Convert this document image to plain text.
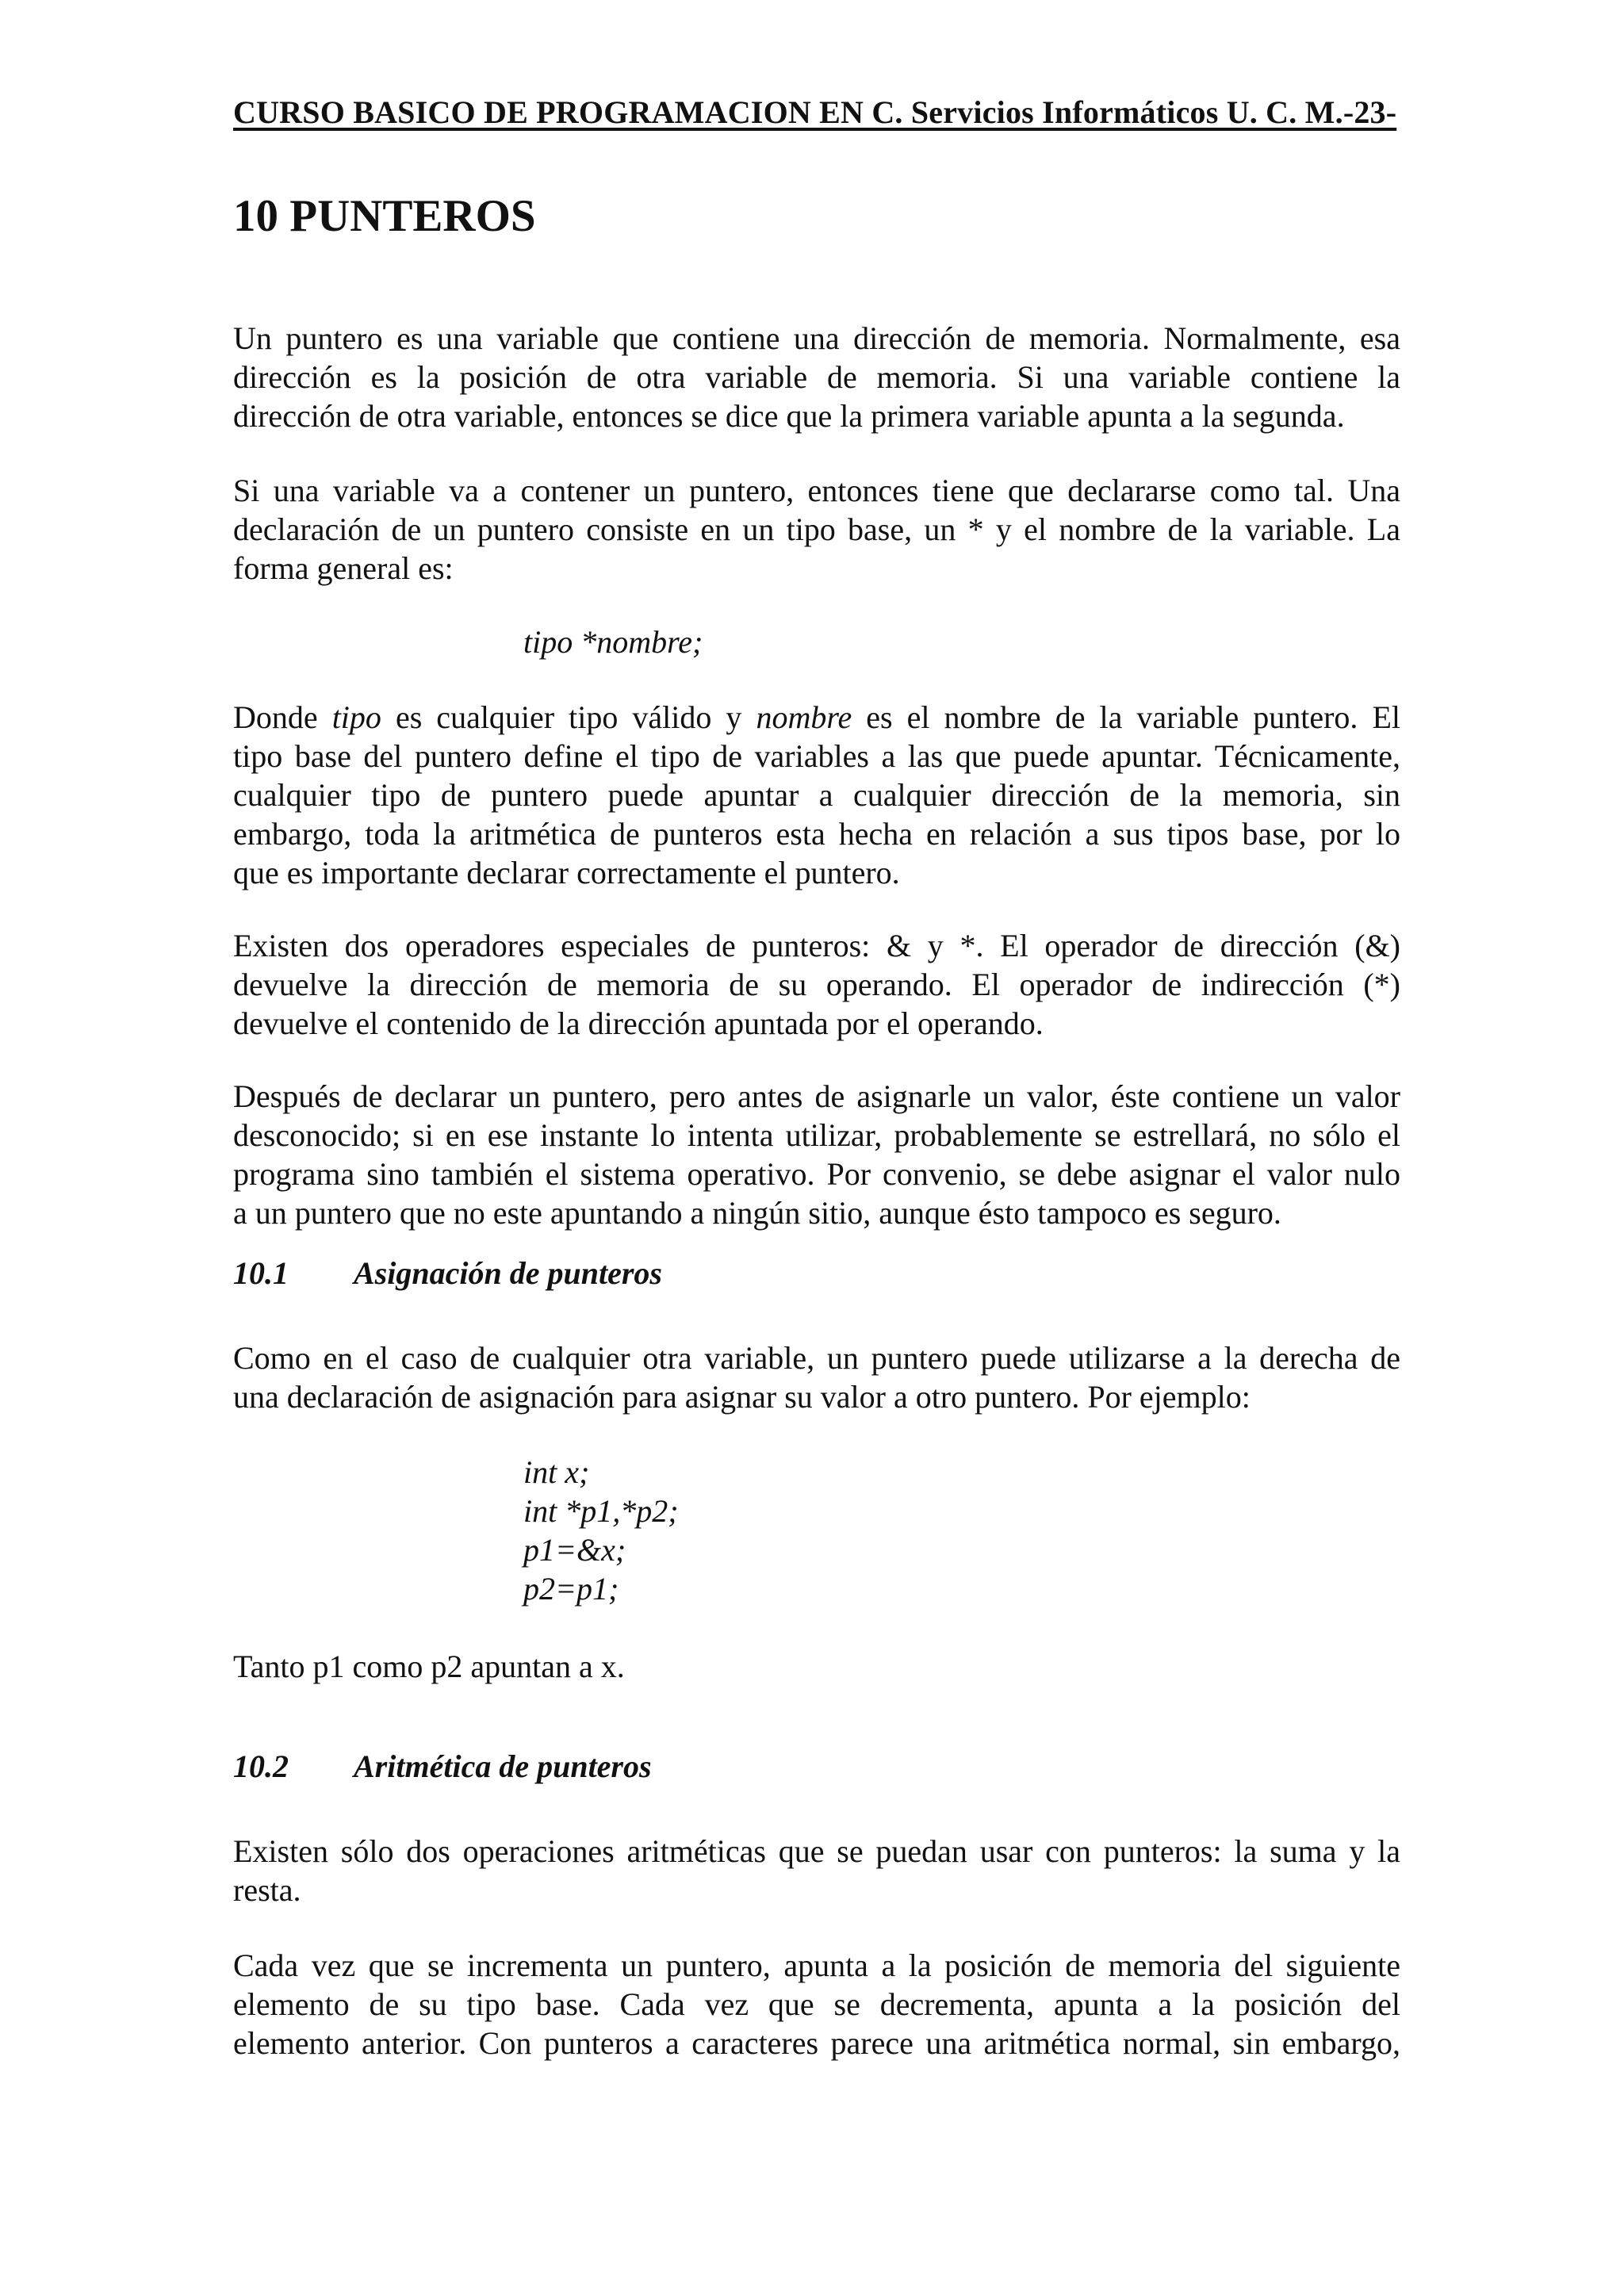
CURSO BASICO DE PROGRAMACION EN C. Servicios Informáticos U. C. M.-23-
10 PUNTEROS

Un puntero es una variable que contiene una dirección de memoria. Normalmente, esa
dirección es la posición de otra variable de memoria. Si una variable contiene la
dirección de otra variable, entonces se dice que la primera variable apunta a la segunda.

Si una variable va a contener un puntero, entonces tiene que declararse como tal. Una
declaración de un puntero consiste en un tipo base, un * y el nombre de la variable. La
forma general es:

tipo *nombre;

Donde tipo es cualquier tipo válido y nombre es el nombre de la variable puntero. El
tipo base del puntero define el tipo de variables a las que puede apuntar. Técnicamente,
cualquier tipo de puntero puede apuntar a cualquier dirección de la memoria, sin
embargo, toda la aritmética de punteros esta hecha en relación a sus tipos base, por lo
que es importante declarar correctamente el puntero.

Existen dos operadores especiales de punteros: & y *. El operador de dirección (&)
devuelve la dirección de memoria de su operando. El operador de indirección (*)
devuelve el contenido de la dirección apuntada por el operando.

Después de declarar un puntero, pero antes de asignarle un valor, éste contiene un valor
desconocido; si en ese instante lo intenta utilizar, probablemente se estrellará, no sólo el
programa sino también el sistema operativo. Por convenio, se debe asignar el valor nulo
a un puntero que no este apuntando a ningún sitio, aunque ésto tampoco es seguro.

10.1 Asignación de punteros

Como en el caso de cualquier otra variable, un puntero puede utilizarse a la derecha de
una declaración de asignación para asignar su valor a otro puntero. Por ejemplo:

int x;
int *p1,*p2;
p1=&x;
p2=p1;

Tanto p1 como p2 apuntan a x.

10.2 Aritmética de punteros

Existen sólo dos operaciones aritméticas que se puedan usar con punteros: la suma y la
resta.

Cada vez que se incrementa un puntero, apunta a la posición de memoria del siguiente
elemento de su tipo base. Cada vez que se decrementa, apunta a la posición del
elemento anterior. Con punteros a caracteres parece una aritmética normal, sin embargo,
